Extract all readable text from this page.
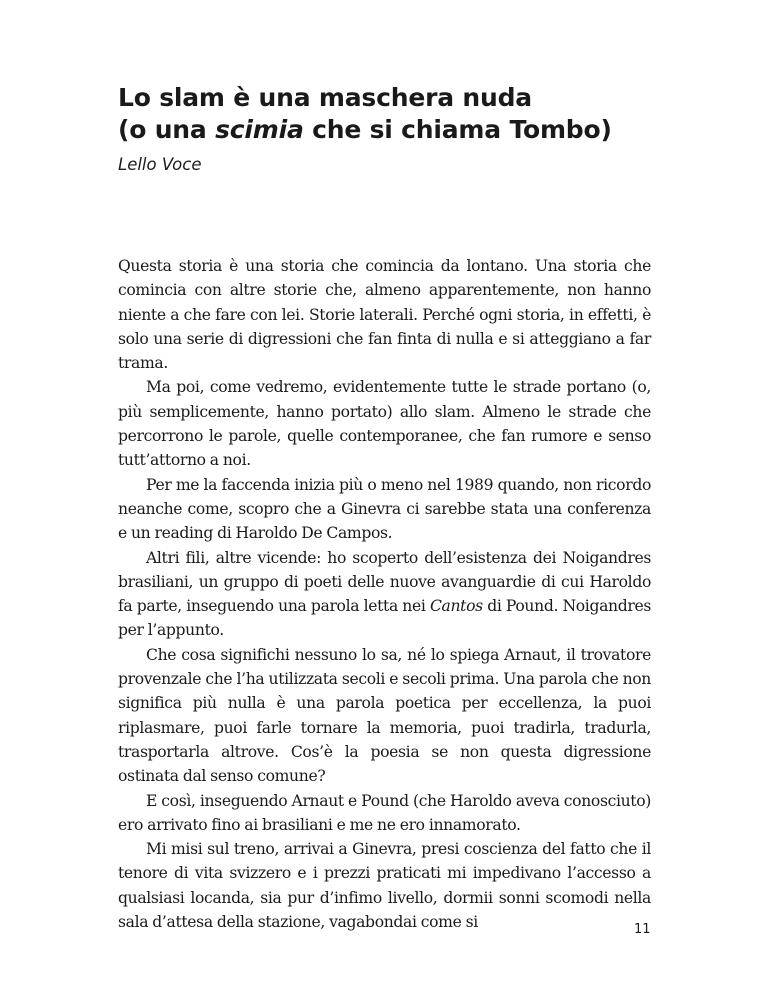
Lo slam è una maschera nuda
(o una scimia che si chiama Tombo)
Lello Voce

Questa storia è una storia che comincia da lontano. Una storia che comincia con altre storie che, almeno apparentemente, non hanno niente a che fare con lei. Storie laterali. Perché ogni storia, in effetti, è solo una serie di digressioni che fan finta di nulla e si atteggiano a far trama.

Ma poi, come vedremo, evidentemente tutte le strade portano (o, più semplicemente, hanno portato) allo slam. Almeno le strade che percorrono le parole, quelle contemporanee, che fan rumore e senso tutt’attorno a noi.

Per me la faccenda inizia più o meno nel 1989 quando, non ricordo neanche come, scopro che a Ginevra ci sarebbe stata una conferenza e un reading di Haroldo De Campos.

Altri fili, altre vicende: ho scoperto dell’esistenza dei Noigandres brasiliani, un gruppo di poeti delle nuove avanguardie di cui Haroldo fa parte, inseguendo una parola letta nei Cantos di Pound. Noigandres per l’appunto.

Che cosa significhi nessuno lo sa, né lo spiega Arnaut, il trovatore provenzale che l’ha utilizzata secoli e secoli prima. Una parola che non significa più nulla è una parola poetica per eccellenza, la puoi riplasmare, puoi farle tornare la memoria, puoi tradirla, tradurla, trasportarla altrove. Cos’è la poesia se non questa digressione ostinata dal senso comune?

E così, inseguendo Arnaut e Pound (che Haroldo aveva conosciuto) ero arrivato fino ai brasiliani e me ne ero innamorato.

Mi misi sul treno, arrivai a Ginevra, presi coscienza del fatto che il tenore di vita svizzero e i prezzi praticati mi impedivano l’accesso a qualsiasi locanda, sia pur d’infimo livello, dormii sonni scomodi nella sala d’attesa della stazione, vagabondai come si	11
